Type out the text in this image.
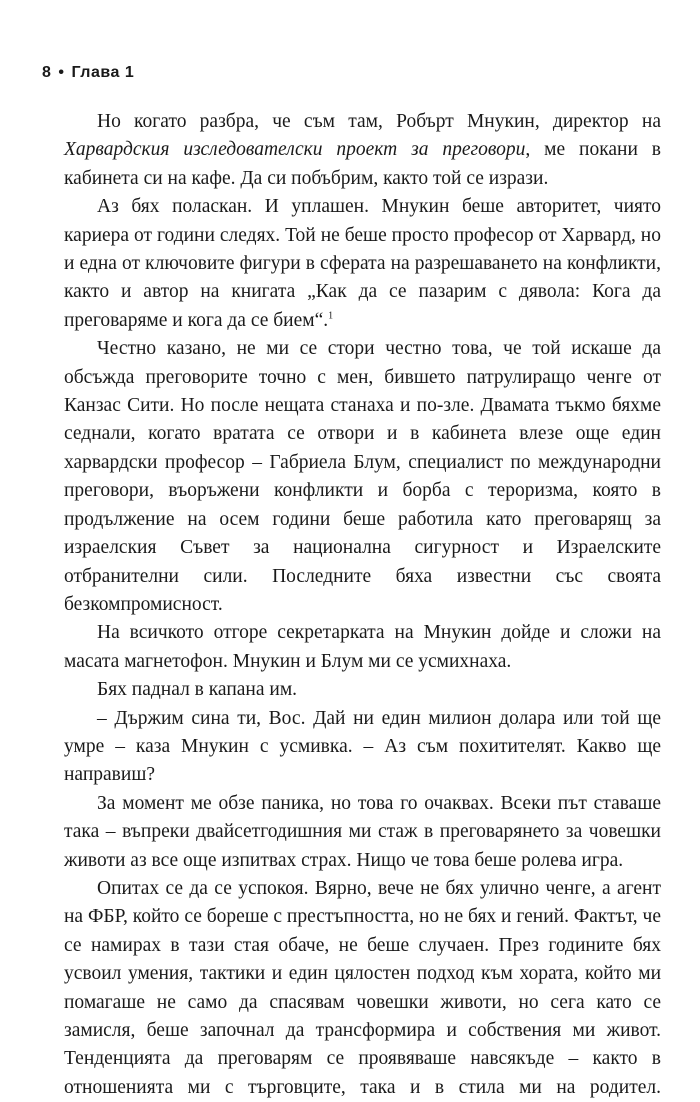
8 • Глава 1

Но когато разбра, че съм там, Робърт Мнукин, директор на Харвардския изследователски проект за преговори, ме покани в кабинета си на кафе. Да си побъбрим, както той се изрази.

Аз бях поласкан. И уплашен. Мнукин беше авторитет, чиято кариера от години следях. Той не беше просто професор от Харвард, но и една от ключовите фигури в сферата на разрешаването на конфликти, както и автор на книгата „Как да се пазарим с дявола: Кога да преговаряме и кога да се бием“.$^1$

Честно казано, не ми се стори честно това, че той искаше да обсъжда преговорите точно с мен, бившето патрулиращо ченге от Канзас Сити. Но после нещата станаха и по-зле. Двамата тъкмо бяхме седнали, когато вратата се отвори и в кабинета влезе още един харвардски професор – Габриела Блум, специалист по международни преговори, въоръжени конфликти и борба с тероризма, която в продължение на осем години беше работила като преговарящ за израелския Съвет за национална сигурност и Израелските отбранителни сили. Последните бяха известни със своята безкомпромисност.

На всичкото отгоре секретарката на Мнукин дойде и сложи на масата магнетофон. Мнукин и Блум ми се усмихнаха.

Бях паднал в капана им.

– Държим сина ти, Вос. Дай ни един милион долара или той ще умре – каза Мнукин с усмивка. – Аз съм похитителят. Какво ще направиш?

За момент ме обзе паника, но това го очаквах. Всеки път ставаше така – въпреки двайсетгодишния ми стаж в преговарянето за човешки животи аз все още изпитвах страх. Нищо че това беше ролева игра.

Опитах се да се успокоя. Вярно, вече не бях улично ченге, а агент на ФБР, който се бореше с престъпността, но не бях и гений. Фактът, че се намирах в тази стая обаче, не беше случаен. През годините бях усвоил умения, тактики и един цялостен подход към хората, който ми помагаше не само да спасявам човешки животи, но сега като се замисля, беше започнал да трансформира и собствения ми живот. Тенденцията да преговарям се проявяваше навсякъде – както в отношенията ми с търговците, така и в стила ми на родител.
